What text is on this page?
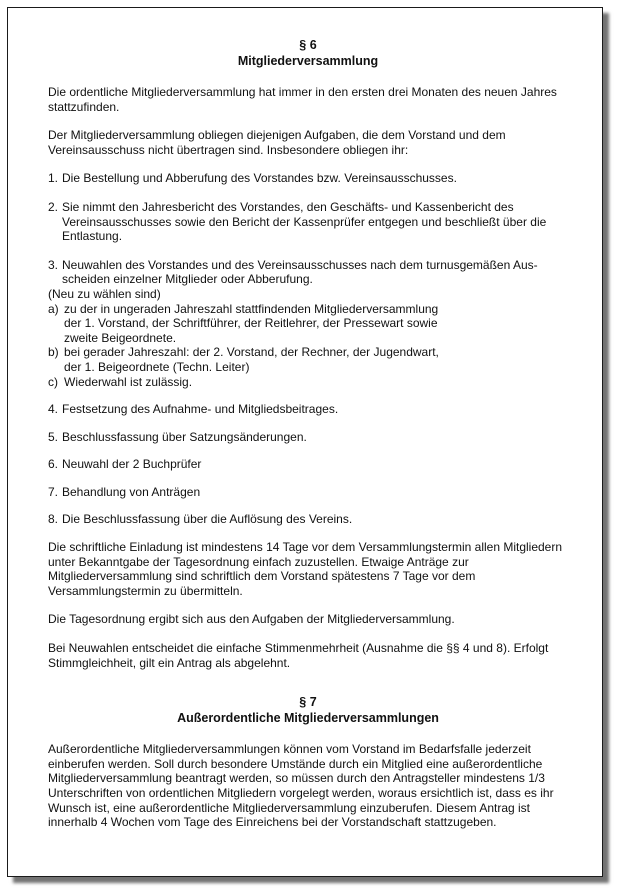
§ 6
Mitgliederversammlung

Die ordentliche Mitgliederversammlung hat immer in den ersten drei Monaten des neuen Jahres stattzufinden.

Der Mitgliederversammlung obliegen diejenigen Aufgaben, die dem Vorstand und dem Vereinsausschuss nicht übertragen sind. Insbesondere obliegen ihr:

1. Die Bestellung und Abberufung des Vorstandes bzw. Vereinsausschusses.
2. Sie nimmt den Jahresbericht des Vorstandes, den Geschäfts- und Kassenbericht des Vereinsausschusses sowie den Bericht der Kassenprüfer entgegen und beschließt über die Entlastung.
3. Neuwahlen des Vorstandes und des Vereinsausschusses nach dem turnusgemäßen Aus-
scheiden einzelner Mitglieder oder Abberufung.
(Neu zu wählen sind)
a) zu der in ungeraden Jahreszahl stattfindenden Mitgliederversammlung
der 1. Vorstand, der Schriftführer, der Reitlehrer, der Pressewart sowie
zweite Beigeordnete.
b) bei gerader Jahreszahl: der 2. Vorstand, der Rechner, der Jugendwart,
der 1. Beigeordnete (Techn. Leiter)
c) Wiederwahl ist zulässig.
4. Festsetzung des Aufnahme- und Mitgliedsbeitrages.
5. Beschlussfassung über Satzungsänderungen.
6. Neuwahl der 2 Buchprüfer
7. Behandlung von Anträgen
8. Die Beschlussfassung über die Auflösung des Vereins.

Die schriftliche Einladung ist mindestens 14 Tage vor dem Versammlungstermin allen Mitgliedern unter Bekanntgabe der Tagesordnung einfach zuzustellen. Etwaige Anträge zur Mitgliederversammlung sind schriftlich dem Vorstand spätestens 7 Tage vor dem Versammlungstermin zu übermitteln.

Die Tagesordnung ergibt sich aus den Aufgaben der Mitgliederversammlung.

Bei Neuwahlen entscheidet die einfache Stimmenmehrheit (Ausnahme die §§ 4 und 8). Erfolgt Stimmgleichheit, gilt ein Antrag als abgelehnt.

§ 7
Außerordentliche Mitgliederversammlungen

Außerordentliche Mitgliederversammlungen können vom Vorstand im Bedarfsfalle jederzeit einberufen werden. Soll durch besondere Umstände durch ein Mitglied eine außerordentliche Mitgliederversammlung beantragt werden, so müssen durch den Antragsteller mindestens 1/3 Unterschriften von ordentlichen Mitgliedern vorgelegt werden, woraus ersichtlich ist, dass es ihr Wunsch ist, eine außerordentliche Mitgliederversammlung einzuberufen. Diesem Antrag ist innerhalb 4 Wochen vom Tage des Einreichens bei der Vorstandschaft stattzugeben.
